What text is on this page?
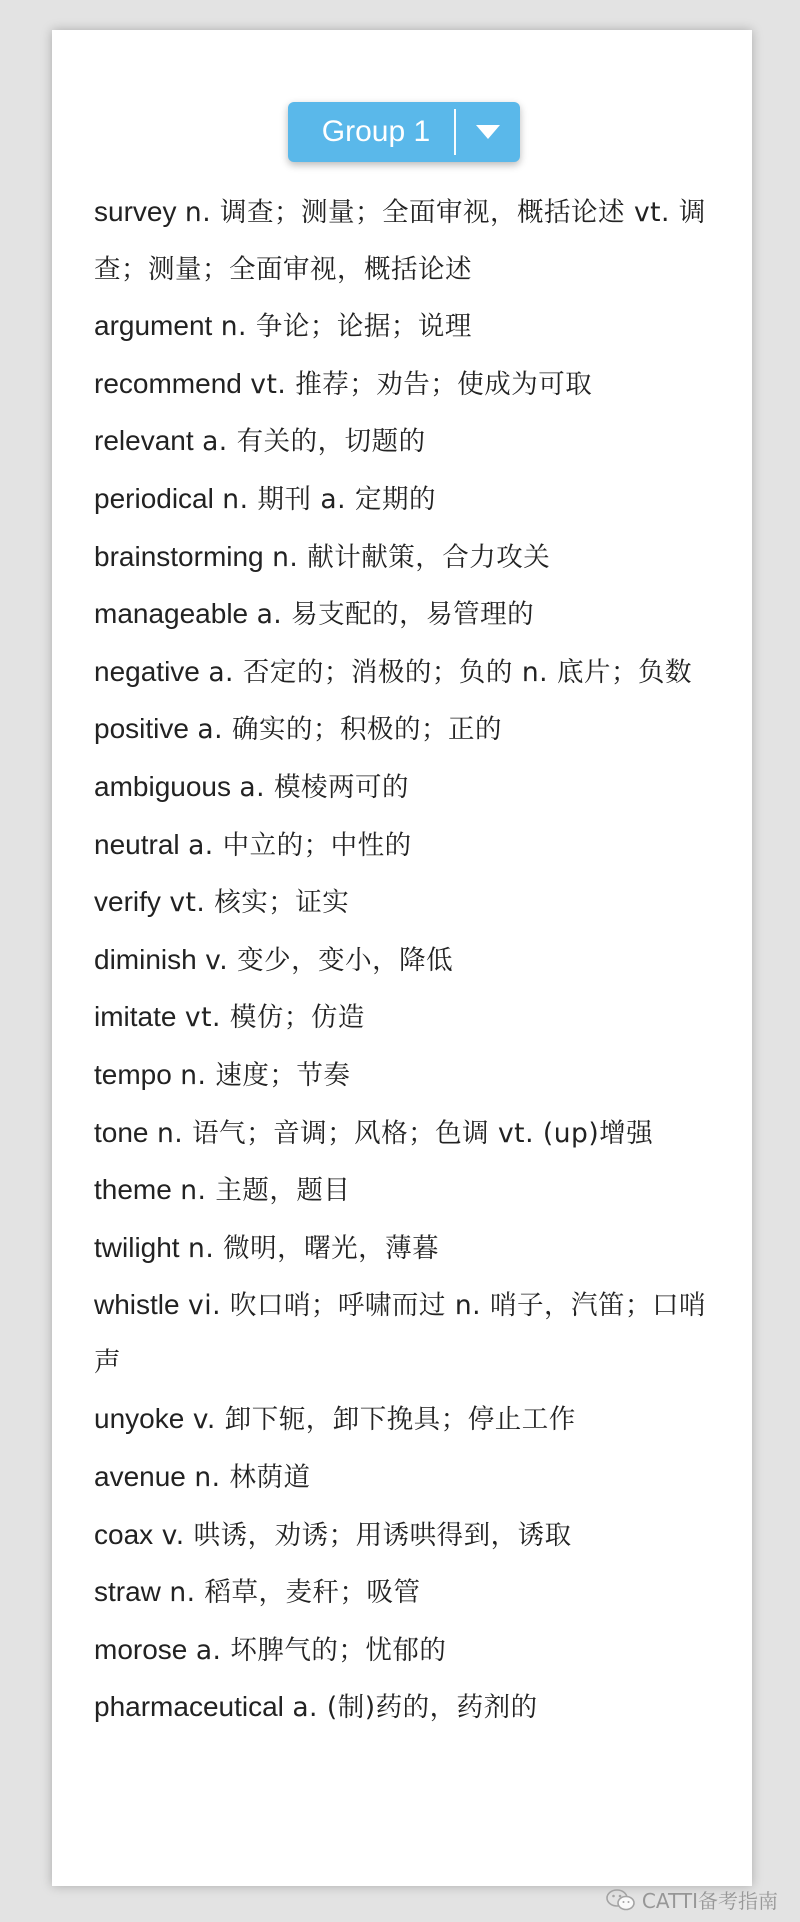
Group 1
survey n. 调查；测量；全面审视，概括论述 vt. 调查；测量；全面审视，概括论述
argument n. 争论；论据；说理
recommend vt. 推荐；劝告；使成为可取
relevant a. 有关的，切题的
periodical n. 期刊 a. 定期的
brainstorming n. 献计献策，合力攻关
manageable a. 易支配的，易管理的
negative a. 否定的；消极的；负的 n. 底片；负数
positive a. 确实的；积极的；正的
ambiguous a. 模棱两可的
neutral a. 中立的；中性的
verify vt. 核实；证实
diminish v. 变少，变小，降低
imitate vt. 模仿；仿造
tempo n. 速度；节奏
tone n. 语气；音调；风格；色调 vt. (up)增强
theme n. 主题，题目
twilight n. 微明，曙光，薄暮
whistle vi. 吹口哨；呼啸而过 n. 哨子，汽笛；口哨声
unyoke v. 卸下轭，卸下挽具；停止工作
avenue n. 林荫道
coax v. 哄诱，劝诱；用诱哄得到，诱取
straw n. 稻草，麦秆；吸管
morose a. 坏脾气的；忧郁的
pharmaceutical a. (制)药的，药剂的
CATTI备考指南
